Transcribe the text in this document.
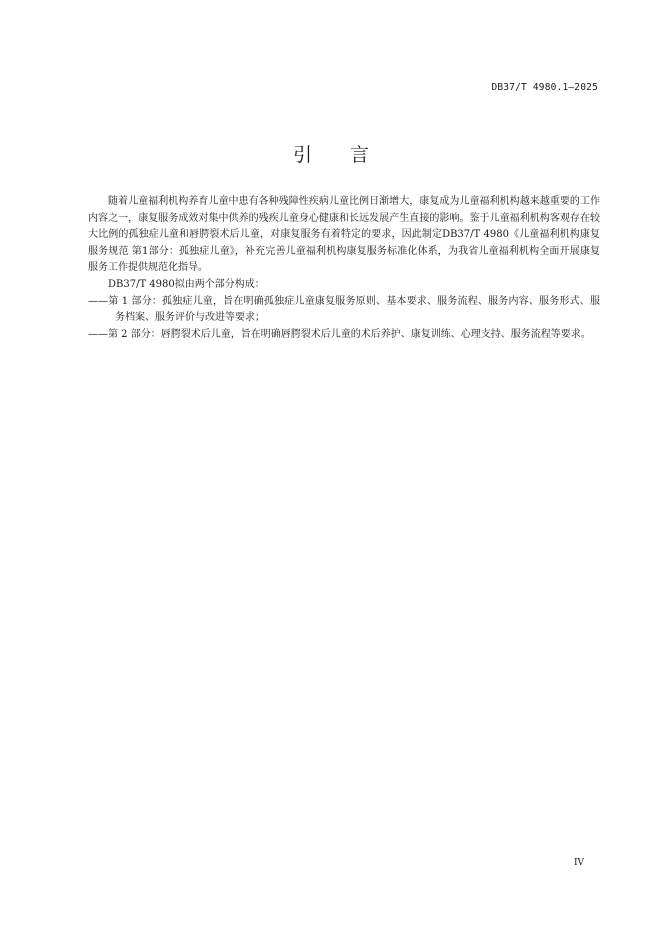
DB37/T 4980.1—2025
引 言

随着儿童福利机构养育儿童中患有各种残障性疾病儿童比例日渐增大，康复成为儿童福利机构越来越重要的工作内容之一，康复服务成效对集中供养的残疾儿童身心健康和长远发展产生直接的影响。鉴于儿童福利机构客观存在较大比例的孤独症儿童和唇腭裂术后儿童，对康复服务有着特定的要求，因此制定DB37/T 4980《儿童福利机构康复服务规范 第1部分：孤独症儿童》，补充完善儿童福利机构康复服务标准化体系，为我省儿童福利机构全面开展康复服务工作提供规范化指导。

DB37/T 4980拟由两个部分构成：

——第 1 部分：孤独症儿童，旨在明确孤独症儿童康复服务原则、基本要求、服务流程、服务内容、服务形式、服务档案、服务评价与改进等要求；

——第 2 部分：唇腭裂术后儿童，旨在明确唇腭裂术后儿童的术后养护、康复训练、心理支持、服务流程等要求。

IV
